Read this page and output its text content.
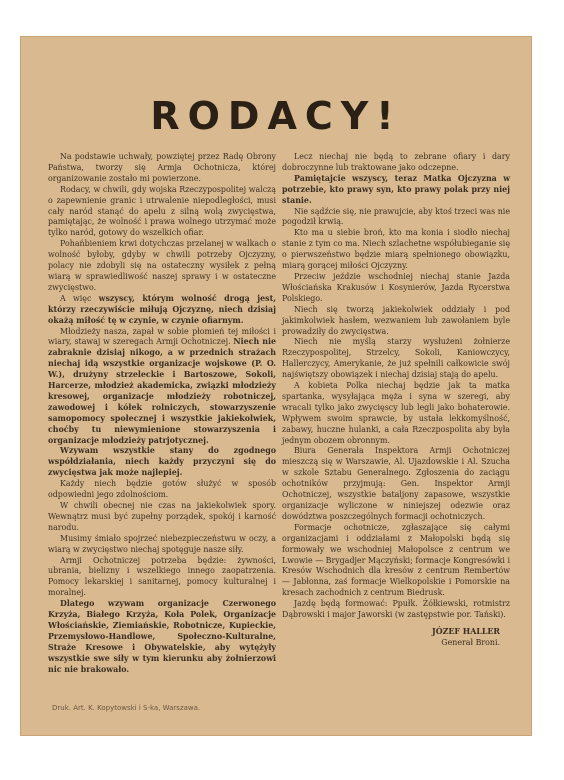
RODACY!

Na podstawie uchwały, powziętej przez Radę Obrony Państwa, tworzy się Armja Ochotnicza, której organizowanie zostało mi powierzone.

Rodacy, w chwili, gdy wojska Rzeczypospolitej walczą o zapewnienie granic i utrwalenie niepodległości, musi cały naród stanąć do apelu z silną wolą zwycięstwa, pamiętając, że wolność i prawa wolnego utrzymać może tylko naród, gotowy do wszelkich ofiar.

Pohańbieniem krwi dotychczas przelanej w walkach o wolność byłoby, gdyby w chwili potrzeby Ojczyzny, polacy nie zdobyli się na ostateczny wysiłek z pełną wiarą w sprawiedliwość naszej sprawy i w ostateczne zwycięstwo.

A więc wszyscy, którym wolność drogą jest, którzy rzeczywiście miłują Ojczyznę, niech dzisiaj okażą miłość tę w czynie, w czynie ofiarnym.

Młodzieży nasza, zapał w sobie płomień tej miłości i wiary, stawaj w szeregach Armji Ochotniczej. Niech nie zabraknie dzisiaj nikogo, a w przednich strażach niechaj idą wszystkie organizacje wojskowe (P. O. W.), drużyny strzeleckie i Bartoszowe, Sokoli, Harcerze, młodzież akademicka, związki młodzieży kresowej, organizacje młodzieży robotniczej, zawodowej i kółek rolniczych, stowarzyszenie samopomocy społecznej i wszystkie jakiekolwiek, choćby tu niewymienione stowarzyszenia i organizacje młodzieży patrjotycznej.

Wzywam wszystkie stany do zgodnego współdziałania, niech każdy przyczyni się do zwycięstwa jak może najlepiej.

Każdy niech będzie gotów służyć w sposób odpowiedni jego zdolnościom.

W chwili obecnej nie czas na jakiekolwiek spory. Wewnątrz musi być zupełny porządek, spokój i karność narodu.

Musimy śmiało spojrzeć niebezpieczeństwu w oczy, a wiarą w zwycięstwo niechaj spotęguje nasze siły.

Armji Ochotniczej potrzeba będzie: żywności, ubrania, bielizny i wszelkiego innego zaopatrzenia. Pomocy lekarskiej i sanitarnej, pomocy kulturalnej i moralnej.

Dlatego wzywam organizacje Czerwonego Krzyża, Białego Krzyża, Koła Polek, Organizacje Włościańskie, Ziemiańskie, Robotnicze, Kupieckie, Przemysłowo-Handlowe, Społeczno-Kulturalne, Straże Kresowe i Obywatelskie, aby wytężyły wszystkie swe siły w tym kierunku aby żołnierzowi nic nie brakowało.

Lecz niechaj nie będą to zebrane ofiary i dary dobroczynne lub traktowane jako odczepne.

Pamiętajcie wszyscy, teraz Matka Ojczyzna w potrzebie, kto prawy syn, kto prawy polak przy niej stanie.

Nie sądźcie się, nie prawujcie, aby ktoś trzeci was nie pogodził krwią.

Kto ma u siebie broń, kto ma konia i siodło niechaj stanie z tym co ma. Niech szlachetne współubieganie się o pierwszeństwo będzie miarą spełnionego obowiązku, miarą gorącej miłości Ojczyzny.

Przeciw jeździe wschodniej niechaj stanie Jazda Włościańska Krakusów i Kosynierów, Jazda Rycerstwa Polskiego.

Niech się tworzą jakiekolwiek oddziały i pod jakimkolwiek hasłem, wezwaniem lub zawołaniem byle prowadziły do zwycięstwa.

Niech nie myślą starzy wysłużeni żołnierze Rzeczypospolitej, Strzelcy, Sokoli, Kaniowczycy, Hallerczycy, Amerykanie, że już spełnili całkowicie swój najświętszy obowiązek i niechaj dzisiaj stają do apelu.

A kobieta Polka niechaj będzie jak ta matka spartanka, wysyłająca męża i syna w szeregi, aby wracali tylko jako zwycięscy lub legli jako bohaterowie. Wpływem swoim sprawcie, by ustała lekkomyślność, zabawy, huczne hulanki, a cała Rzeczpospolita aby była jednym obozem obronnym.

Biura Generała Inspektora Armji Ochotniczej mieszczą się w Warszawie, Al. Ujazdowskie i Al. Szucha w szkole Sztabu Generalnego. Zgłoszenia do zaciągu ochotników przyjmują: Gen. Inspektor Armji Ochotniczej, wszystkie batalјony zapasowe, wszystkie organizacje wyliczone w niniejszej odezwie oraz dowództwa poszczególnych formacji ochotniczych.

Formacje ochotnicze, zgłaszające się całymi organizacjami i oddziałami z Małopolski będą się formowały we wschodniej Małopolsce z centrum we Lwowie — Brygadjer Mączyński; formacje Kongresówki i Kresów Wschodnich dla kresów z centrum Rembertów — Jabłonna, zaś formacje Wielkopolskie i Pomorskie na kresach zachodnich z centrum Biedrusk.

Jazdę będą formować: Ppułk. Żółkiewski, rotmistrz Dąbrowski i major Jaworski (w zastępstwie por. Tański).

JÓZEF HALLER
Generał Broni.
Druk. Art. K. Kopytowski i S-ka, Warszawa.
